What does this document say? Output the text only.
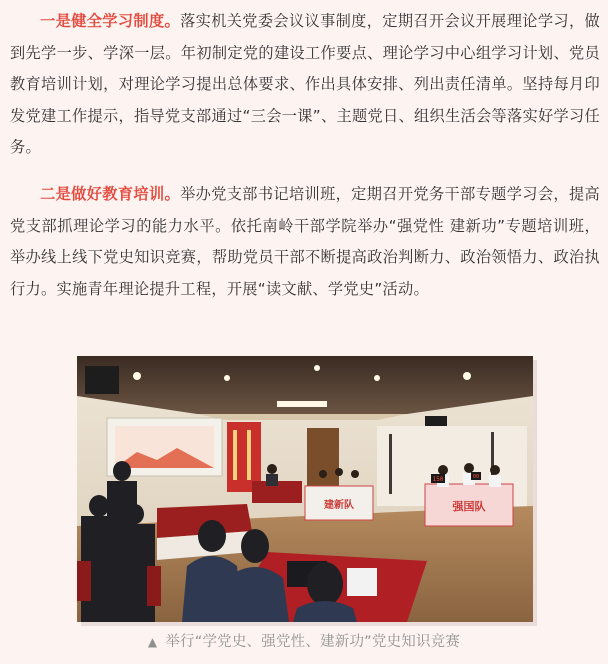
一是健全学习制度。落实机关党委会议议事制度，定期召开会议开展理论学习，做到先学一步、学深一层。年初制定党的建设工作要点、理论学习中心组学习计划、党员教育培训计划，对理论学习提出总体要求、作出具体安排、列出责任清单。坚持每月印发党建工作提示，指导党支部通过“三会一课”、主题党日、组织生活会等落实好学习任务。

二是做好教育培训。举办党支部书记培训班，定期召开党务干部专题学习会，提高党支部抓理论学习的能力水平。依托南岭干部学院举办“强党性 建新功”专题培训班，举办线上线下党史知识竞赛，帮助党员干部不断提高政治判断力、政治领悟力、政治执行力。实施青年理论提升工程，开展“读文献、学党史”活动。

建新队	强国队
150	00
▲ 举行“学党史、强党性、建新功”党史知识竞赛
